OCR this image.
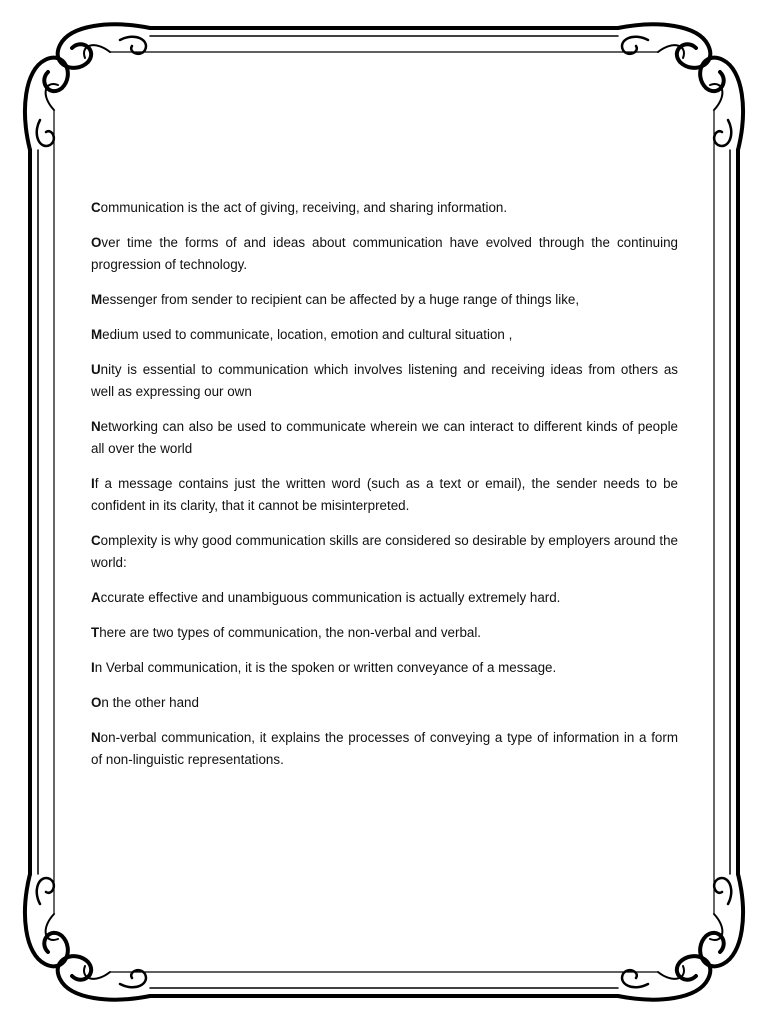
Communication is the act of giving, receiving, and sharing information.

Over time the forms of and ideas about communication have evolved through the continuing progression of technology.

Messenger from sender to recipient can be affected by a huge range of things like,

Medium used to communicate, location, emotion and cultural situation ,

Unity is essential to communication which involves listening and receiving ideas from others as well as expressing our own

Networking can also be used to communicate wherein we can interact to different kinds of people all over the world

If a message contains just the written word (such as a text or email), the sender needs to be confident in its clarity, that it cannot be misinterpreted.

Complexity is why good communication skills are considered so desirable by employers around the world:

Accurate effective and unambiguous communication is actually extremely hard.

There are two types of communication, the non-verbal and verbal.

In Verbal communication, it is the spoken or written conveyance of a message.

On the other hand

Non-verbal communication, it explains the processes of conveying a type of information in a form of non-linguistic representations.
